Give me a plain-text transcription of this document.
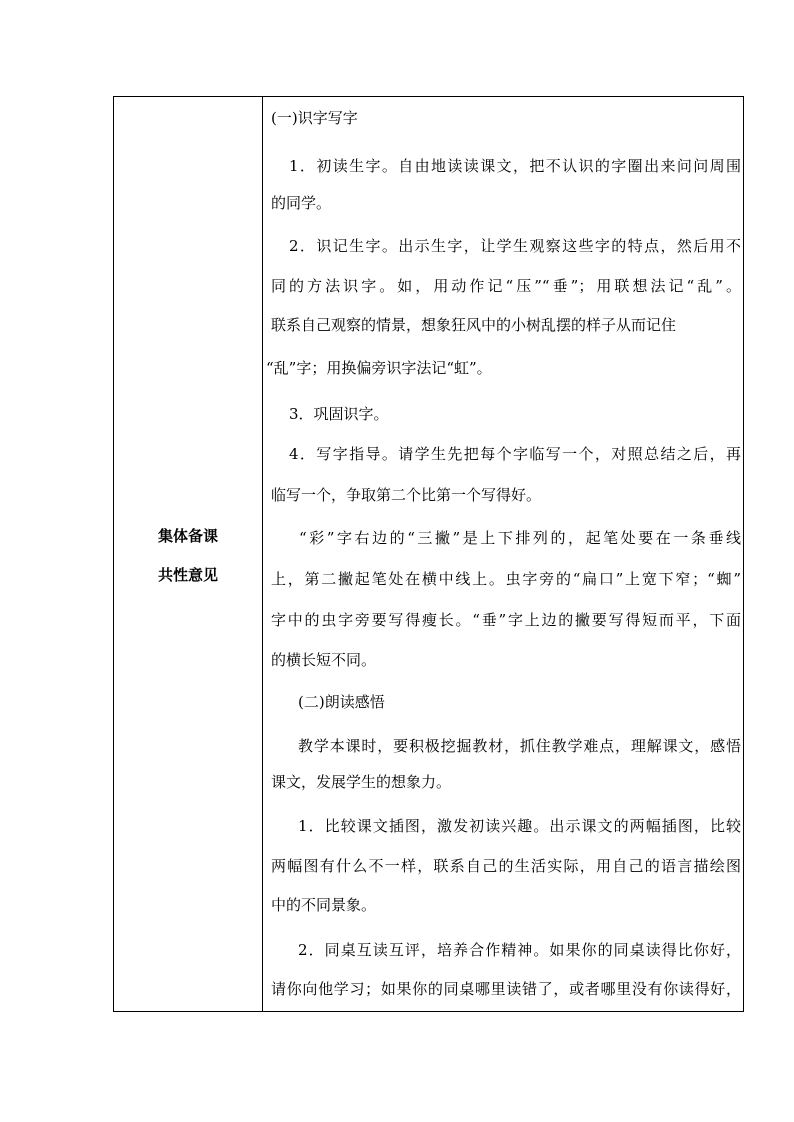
集体备课
共性意见
(一)识字写字
1．初读生字。自由地读读课文，把不认识的字圈出来问问周围
的同学。
2．识记生字。出示生字，让学生观察这些字的特点，然后用不
同的方法识字。如，用动作记“压”“垂”；用联想法记“乱”。
联系自己观察的情景，想象狂风中的小树乱摆的样子从而记住
“乱”字；用换偏旁识字法记“虹”。
3．巩固识字。
4．写字指导。请学生先把每个字临写一个，对照总结之后，再
临写一个，争取第二个比第一个写得好。
“彩”字右边的“三撇”是上下排列的，起笔处要在一条垂线
上，第二撇起笔处在横中线上。虫字旁的“扁口”上宽下窄；“蜘”
字中的虫字旁要写得瘦长。“垂”字上边的撇要写得短而平，下面
的横长短不同。
(二)朗读感悟
教学本课时，要积极挖掘教材，抓住教学难点，理解课文，感悟
课文，发展学生的想象力。
1．比较课文插图，激发初读兴趣。出示课文的两幅插图，比较
两幅图有什么不一样，联系自己的生活实际，用自己的语言描绘图
中的不同景象。
2．同桌互读互评，培养合作精神。如果你的同桌读得比你好，
请你向他学习；如果你的同桌哪里读错了，或者哪里没有你读得好，
